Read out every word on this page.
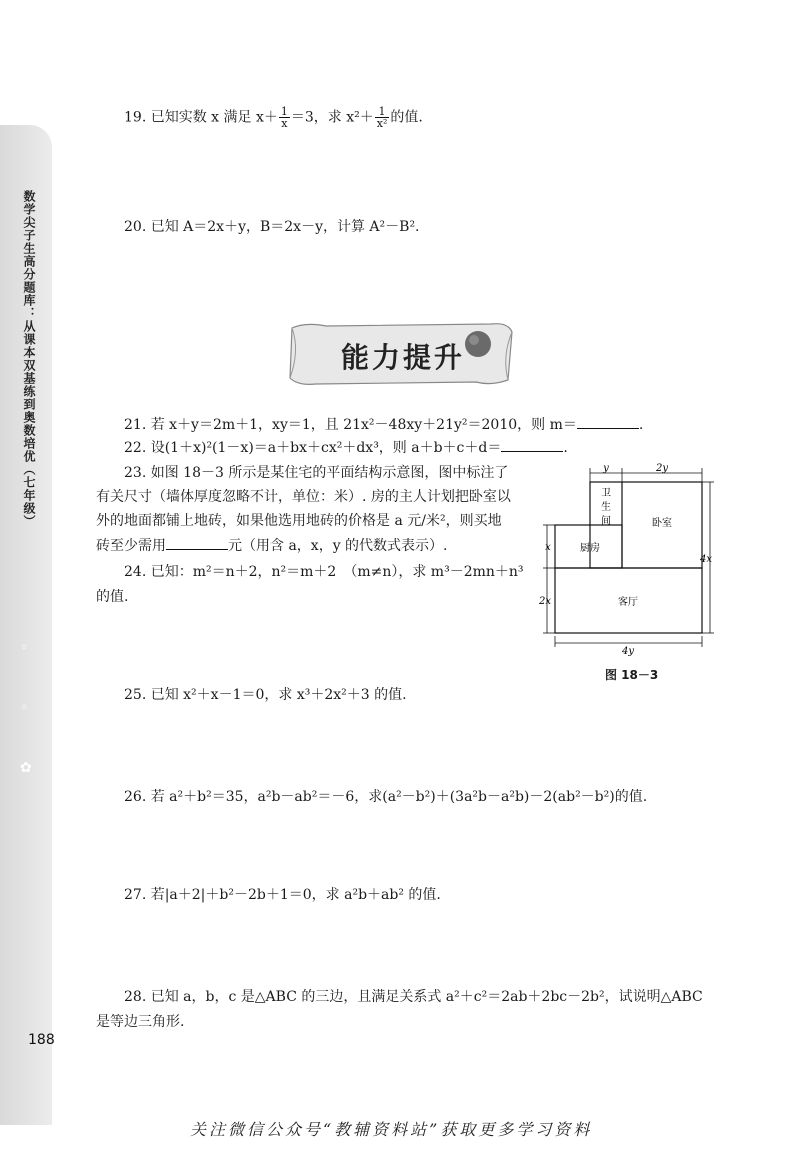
数学尖子生高分题库：从课本双基练到奥数培优（七年级）
◦
◦
✿
188
19. 已知实数 x 满足 $x+ \frac{1}{x} =3$，求 $x^2+ \frac{1}{\text{x²}}$ 的值.
20. 已知 A＝2x＋y，B＝2x－y，计算 A²－B².
能力提升
21. 若 x＋y＝2m＋1，xy＝1，且 21x²－48xy＋21y²＝2010，则 m＝	.
22. 设(1＋x)²(1－x)＝a＋bx＋cx²＋dx³，则 a＋b＋c＋d＝	.
23. 如图 18－3 所示是某住宅的平面结构示意图，图中标注了
有关尺寸（墙体厚度忽略不计，单位：米）. 房的主人计划把卧室以
外的地面都铺上地砖，如果他选用地砖的价格是 a 元/米²，则买地
砖至少需用	元（用含 a，x，y 的代数式表示）.
24. 已知：m²＝n＋2，n²＝m＋2　（m≠n），求 m³－2mn＋n³
的值.
y	2y
卫
生
间	卧室
厨房
客厅
x
2x
4x
4y
图 18－3
25. 已知 x²＋x－1＝0，求 x³＋2x²＋3 的值.
26. 若 a²＋b²＝35，a²b－ab²＝－6，求(a²－b²)＋(3a²b－a²b)－2(ab²－b²)的值.
27. 若|a＋2|＋b²－2b＋1＝0，求 a²b＋ab² 的值.
28. 已知 a，b，c 是△ABC 的三边，且满足关系式 a²＋c²＝2ab＋2bc－2b²，试说明△ABC
是等边三角形.
关注微信公众号“教辅资料站”获取更多学习资料
